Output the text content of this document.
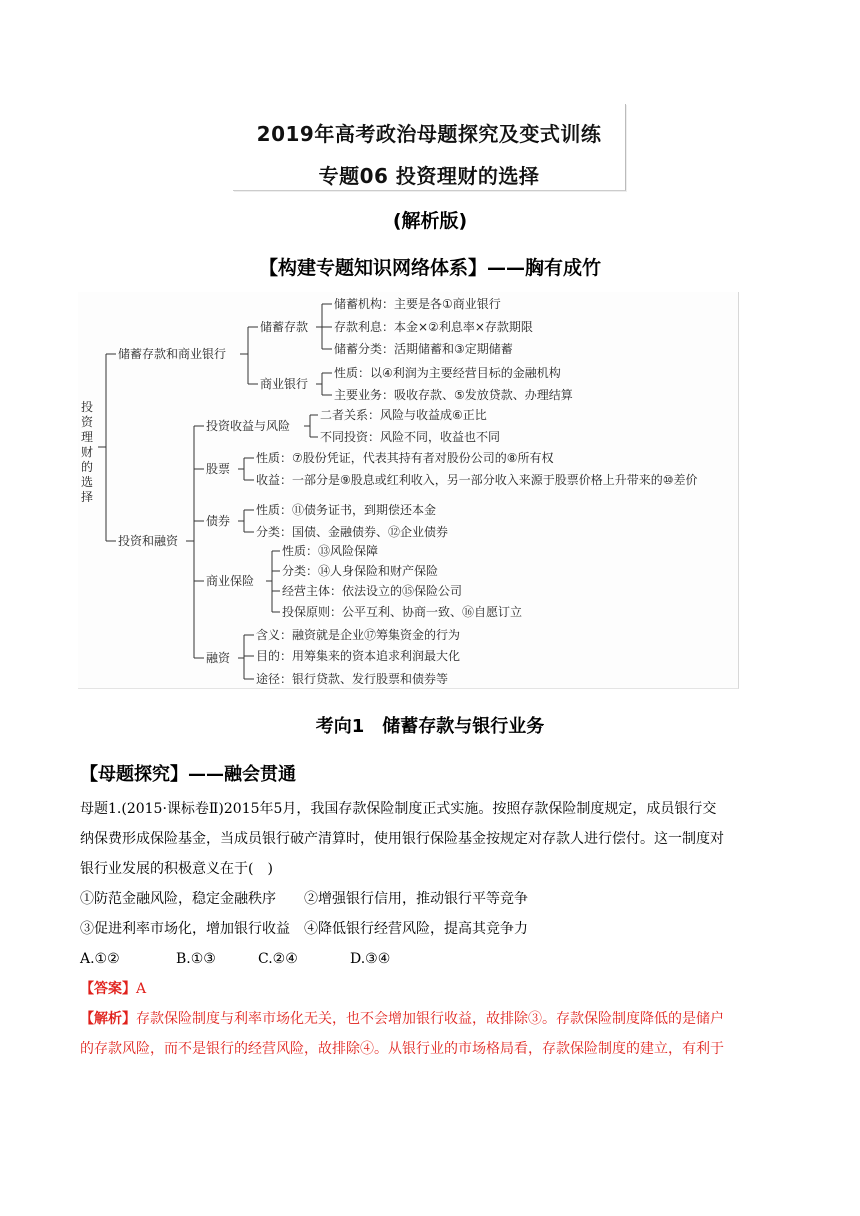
2019年高考政治母题探究及变式训练
专题06 投资理财的选择
(解析版)
【构建专题知识网络体系】——胸有成竹
投资理财的选择
储蓄存款和商业银行
储蓄存款
储蓄机构：主要是各①商业银行
存款利息：本金×②利息率×存款期限
储蓄分类：活期储蓄和③定期储蓄
商业银行
性质：以④利润为主要经营目标的金融机构
主要业务：吸收存款、⑤发放贷款、办理结算
投资和融资
投资收益与风险
二者关系：风险与收益成⑥正比
不同投资：风险不同，收益也不同
股票
性质：⑦股份凭证，代表其持有者对股份公司的⑧所有权
收益：一部分是⑨股息或红利收入，另一部分收入来源于股票价格上升带来的⑩差价
债券
性质：⑪债务证书，到期偿还本金
分类：国债、金融债券、⑫企业债券
商业保险
性质：⑬风险保障
分类：⑭人身保险和财产保险
经营主体：依法设立的⑮保险公司
投保原则：公平互利、协商一致、⑯自愿订立
融资
含义：融资就是企业⑰筹集资金的行为
目的：用筹集来的资本追求利润最大化
途径：银行贷款、发行股票和债券等
考向1　储蓄存款与银行业务
【母题探究】——融会贯通
母题1.(2015·课标卷Ⅱ)2015年5月，我国存款保险制度正式实施。按照存款保险制度规定，成员银行交
纳保费形成保险基金，当成员银行破产清算时，使用银行保险基金按规定对存款人进行偿付。这一制度对
银行业发展的积极意义在于(　)
①防范金融风险，稳定金融秩序　　②增强银行信用，推动银行平等竞争
③促进利率市场化，增加银行收益　④降低银行经营风险，提高其竞争力
A.①②	B.①③	C.②④	D.③④
【答案】A
【解析】存款保险制度与利率市场化无关，也不会增加银行收益，故排除③。存款保险制度降低的是储户
的存款风险，而不是银行的经营风险，故排除④。从银行业的市场格局看，存款保险制度的建立，有利于
